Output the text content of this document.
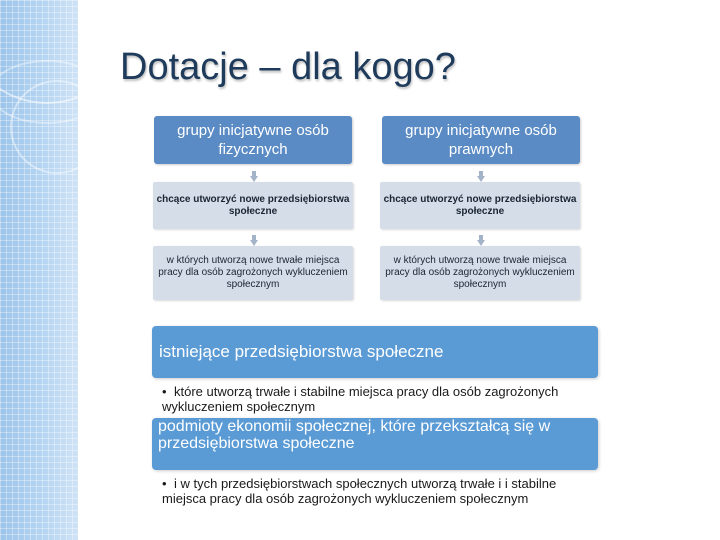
Dotacje – dla kogo?
grupy inicjatywne osób fizycznych
chcące utworzyć nowe przedsiębiorstwa społeczne
w których utworzą nowe trwałe miejsca pracy dla osób zagrożonych wykluczeniem społecznym
grupy inicjatywne osób prawnych
chcące utworzyć nowe przedsiębiorstwa społeczne
w których utworzą nowe trwałe miejsca pracy dla osób zagrożonych wykluczeniem społecznym
istniejące przedsiębiorstwa społeczne
• które utworzą trwałe i stabilne miejsca pracy dla osób zagrożonych wykluczeniem społecznym
podmioty ekonomii społecznej, które przekształcą się w przedsiębiorstwa społeczne
• i w tych przedsiębiorstwach społecznych utworzą trwałe i i stabilne miejsca pracy dla osób zagrożonych wykluczeniem społecznym
